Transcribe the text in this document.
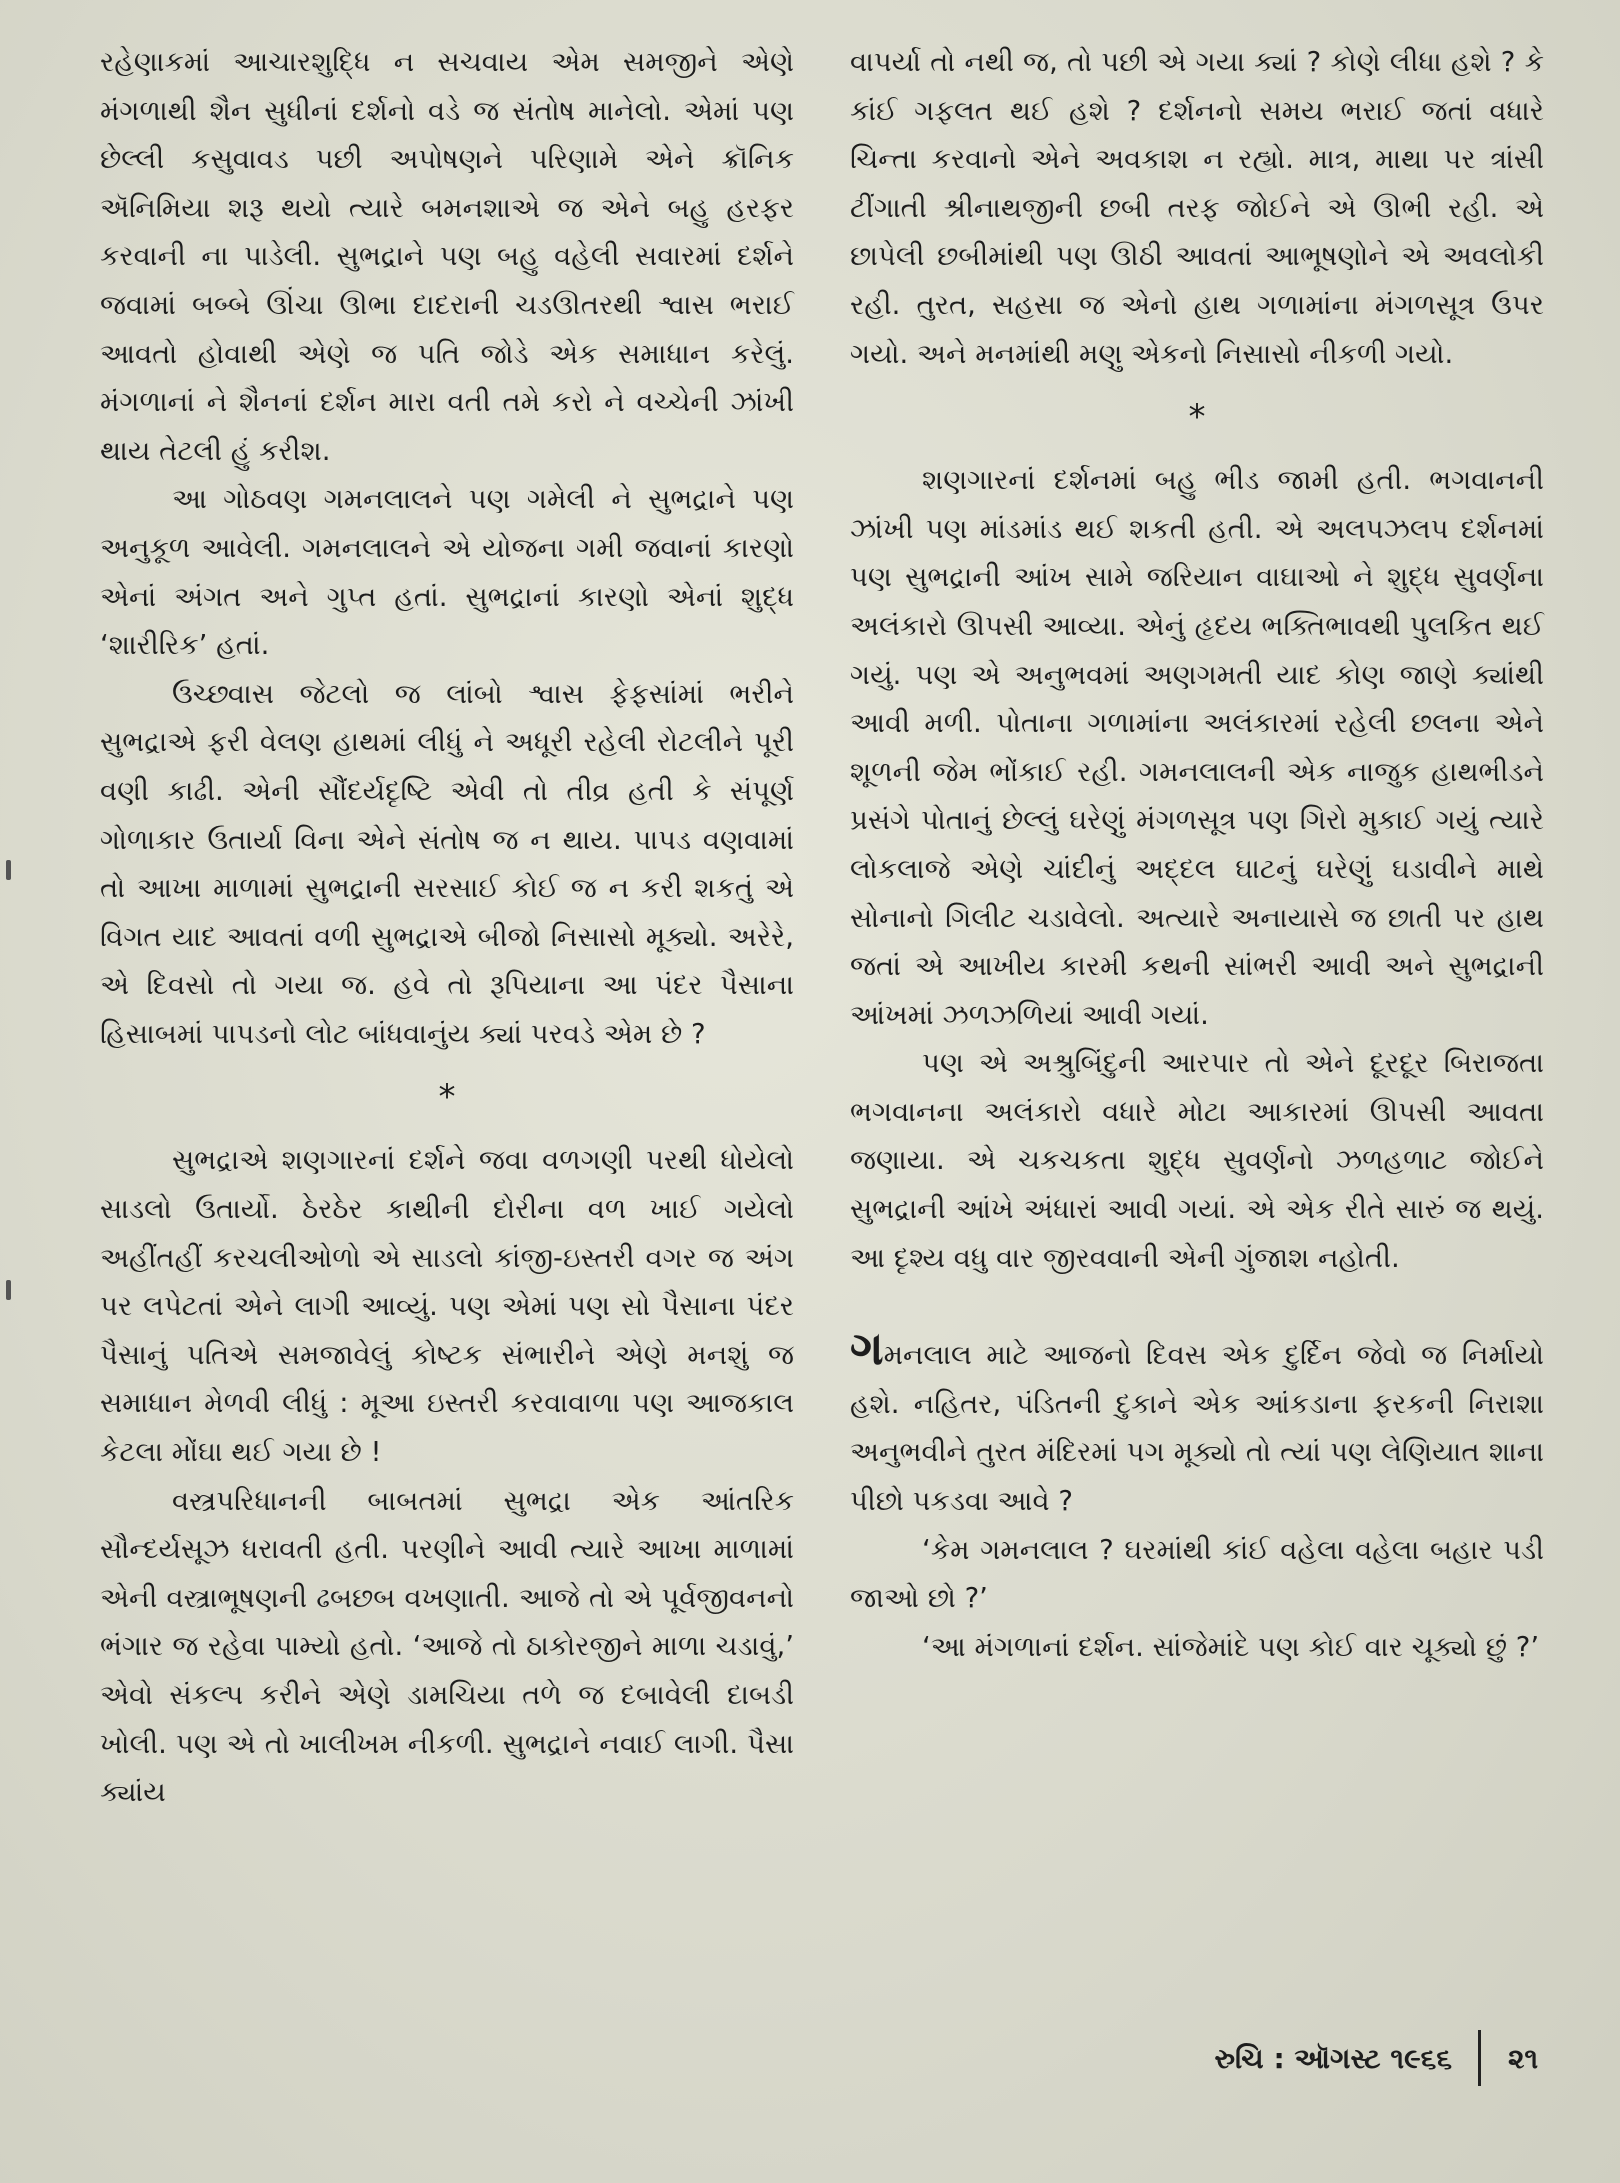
રહેણાકમાં આચારશુદ્ધિ ન સચવાય એમ સમજીને એણે મંગળાથી શૈન સુધીનાં દર્શનો વડે જ સંતોષ માનેલો. એમાં પણ છેલ્લી કસુવાવડ પછી અપોષણને પરિણામે એને ક્રૉનિક ઍનિમિયા શરૂ થયો ત્યારે બમનશાએ જ એને બહુ હરફર કરવાની ના પાડેલી. સુભદ્રાને પણ બહુ વહેલી સવારમાં દર્શને જવામાં બબ્બે ઊંચા ઊભા દાદરાની ચડઊતરથી શ્વાસ ભરાઈ આવતો હોવાથી એણે જ પતિ જોડે એક સમાધાન કરેલું. મંગળાનાં ને શૈનનાં દર્શન મારા વતી તમે કરો ને વચ્ચેની ઝાંખી થાય તેટલી હું કરીશ.

આ ગોઠવણ ગમનલાલને પણ ગમેલી ને સુભદ્રાને પણ અનુકૂળ આવેલી. ગમનલાલને એ યોજના ગમી જવાનાં કારણો એનાં અંગત અને ગુપ્ત હતાં. સુભદ્રાનાં કારણો એનાં શુદ્ધ ‘શારીરિક’ હતાં.

ઉચ્છ્વાસ જેટલો જ લાંબો શ્વાસ ફેફસાંમાં ભરીને સુભદ્રાએ ફરી વેલણ હાથમાં લીધું ને અધૂરી રહેલી રોટલીને પૂરી વણી કાઢી. એની સૌંદર્યદૃષ્ટિ એવી તો તીવ્ર હતી કે સંપૂર્ણ ગોળાકાર ઉતાર્યા વિના એને સંતોષ જ ન થાય. પાપડ વણવામાં તો આખા માળામાં સુભદ્રાની સરસાઈ કોઈ જ ન કરી શકતું એ વિગત યાદ આવતાં વળી સુભદ્રાએ બીજો નિસાસો મૂક્યો. અરેરે, એ દિવસો તો ગયા જ. હવે તો રૂપિયાના આ પંદર પૈસાના હિસાબમાં પાપડનો લોટ બાંધવાનુંય ક્યાં પરવડે એમ છે ?

*

સુભદ્રાએ શણગારનાં દર્શને જવા વળગણી પરથી ધોયેલો સાડલો ઉતાર્યો. ઠેરઠેર કાથીની દોરીના વળ ખાઈ ગયેલો અહીંતહીં કરચલીઓળો એ સાડલો કાંજી-ઇસ્તરી વગર જ અંગ પર લપેટતાં એને લાગી આવ્યું. પણ એમાં પણ સો પૈસાના પંદર પૈસાનું પતિએ સમજાવેલું કોષ્ટક સંભારીને એણે મનશું જ સમાધાન મેળવી લીધું : મૂઆ ઇસ્તરી કરવાવાળા પણ આજકાલ કેટલા મોંઘા થઈ ગયા છે !

વસ્ત્રપરિધાનની બાબતમાં સુભદ્રા એક આંતરિક સૌન્દર્યસૂઝ ધરાવતી હતી. પરણીને આવી ત્યારે આખા માળામાં એની વસ્ત્રાભૂષણની ઢબછબ વખણાતી. આજે તો એ પૂર્વજીવનનો ભંગાર જ રહેવા પામ્યો હતો. ‘આજે તો ઠાકોરજીને માળા ચડાવું,’ એવો સંકલ્પ કરીને એણે ડામચિયા તળે જ દબાવેલી દાબડી ખોલી. પણ એ તો ખાલીખમ નીકળી. સુભદ્રાને નવાઈ લાગી. પૈસા ક્યાંય

વાપર્યા તો નથી જ, તો પછી એ ગયા ક્યાં ? કોણે લીધા હશે ? કે કાંઈ ગફલત થઈ હશે ? દર્શનનો સમય ભરાઈ જતાં વધારે ચિન્તા કરવાનો એને અવકાશ ન રહ્યો. માત્ર, માથા પર ત્રાંસી ટીંગાતી શ્રીનાથજીની છબી તરફ જોઈને એ ઊભી રહી. એ છાપેલી છબીમાંથી પણ ઊઠી આવતાં આભૂષણોને એ અવલોકી રહી. તુરત, સહસા જ એનો હાથ ગળામાંના મંગળસૂત્ર ઉપર ગયો. અને મનમાંથી મણુ એકનો નિસાસો નીકળી ગયો.

*

શણગારનાં દર્શનમાં બહુ ભીડ જામી હતી. ભગવાનની ઝાંખી પણ માંડમાંડ થઈ શકતી હતી. એ અલપઝલપ દર્શનમાં પણ સુભદ્રાની આંખ સામે જરિયાન વાઘાઓ ને શુદ્ધ સુવર્ણના અલંકારો ઊપસી આવ્યા. એનું હૃદય ભક્તિભાવથી પુલકિત થઈ ગયું. પણ એ અનુભવમાં અણગમતી યાદ કોણ જાણે ક્યાંથી આવી મળી. પોતાના ગળામાંના અલંકારમાં રહેલી છલના એને શૂળની જેમ ભોંકાઈ રહી. ગમનલાલની એક નાજુક હાથભીડને પ્રસંગે પોતાનું છેલ્લું ઘરેણું મંગળસૂત્ર પણ ગિરો મુકાઈ ગયું ત્યારે લોકલાજે એણે ચાંદીનું અદ્દલ ઘાટનું ઘરેણું ઘડાવીને માથે સોનાનો ગિલીટ ચડાવેલો. અત્યારે અનાયાસે જ છાતી પર હાથ જતાં એ આખીય કારમી કથની સાંભરી આવી અને સુભદ્રાની આંખમાં ઝળઝળિયાં આવી ગયાં.

પણ એ અશ્રુબિંદુની આરપાર તો એને દૂરદૂર બિરાજતા ભગવાનના અલંકારો વધારે મોટા આકારમાં ઊપસી આવતા જણાયા. એ ચકચકતા શુદ્ધ સુવર્ણનો ઝળહળાટ જોઈને સુભદ્રાની આંખે અંધારાં આવી ગયાં. એ એક રીતે સારું જ થયું. આ દૃશ્ય વધુ વાર જીરવવાની એની ગુંજાશ નહોતી.

ગમનલાલ માટે આજનો દિવસ એક દુર્દિન જેવો જ નિર્માયો હશે. નહિતર, પંડિતની દુકાને એક આંકડાના ફરકની નિરાશા અનુભવીને તુરત મંદિરમાં પગ મૂક્યો તો ત્યાં પણ લેણિયાત શાના પીછો પકડવા આવે ?

‘કેમ ગમનલાલ ? ઘરમાંથી કાંઈ વહેલા વહેલા બહાર પડી જાઓ છો ?’

‘આ મંગળાનાં દર્શન. સાંજેમાંદે પણ કોઈ વાર ચૂક્યો છું ?’

રુચિ : ઑગસ્ટ ૧૯૬૬ ૨૧
